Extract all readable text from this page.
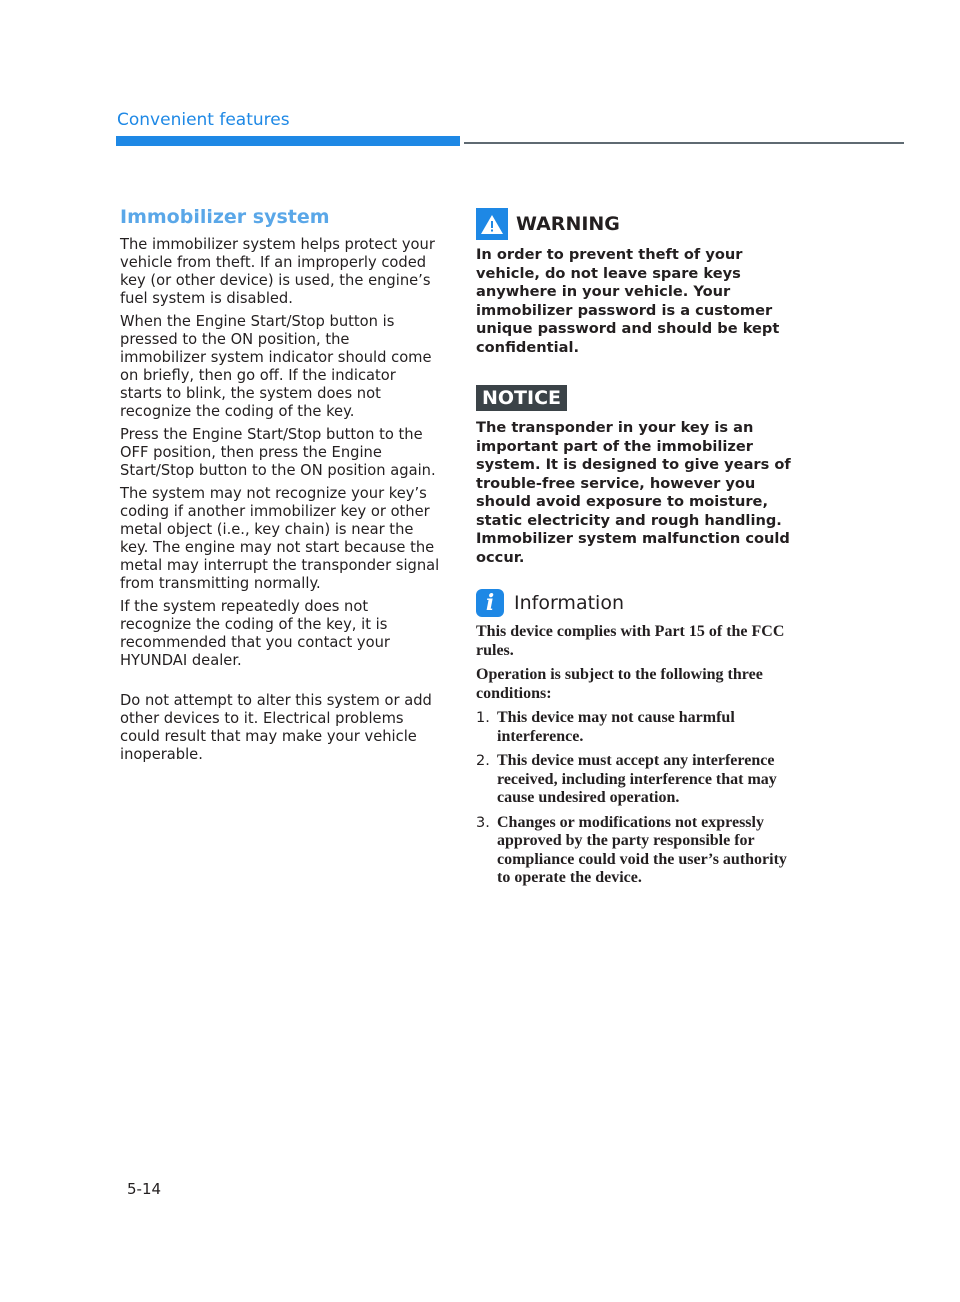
Convenient features

Immobilizer system

The immobilizer system helps protect your vehicle from theft. If an improperly coded key (or other device) is used, the engine’s fuel system is disabled.

When the Engine Start/Stop button is pressed to the ON position, the immobilizer system indicator should come on briefly, then go off. If the indicator starts to blink, the system does not recognize the coding of the key.

Press the Engine Start/Stop button to the OFF position, then press the Engine Start/Stop button to the ON position again.

The system may not recognize your key’s coding if another immobilizer key or other metal object (i.e., key chain) is near the key. The engine may not start because the metal may interrupt the transponder signal from transmitting normally.

If the system repeatedly does not recognize the coding of the key, it is recommended that you contact your HYUNDAI dealer.

Do not attempt to alter this system or add other devices to it. Electrical problems could result that may make your vehicle inoperable.

WARNING

In order to prevent theft of your vehicle, do not leave spare keys anywhere in your vehicle. Your immobilizer password is a customer unique password and should be kept confidential.

NOTICE

The transponder in your key is an important part of the immobilizer system. It is designed to give years of trouble-free service, however you should avoid exposure to moisture, static electricity and rough handling. Immobilizer system malfunction could occur.

i Information

This device complies with Part 15 of the FCC rules.

Operation is subject to the following three conditions:

1. This device may not cause harmful interference.
2. This device must accept any interference received, including interference that may cause undesired operation.
3. Changes or modifications not expressly approved by the party responsible for compliance could void the user’s authority to operate the device.

5-14
